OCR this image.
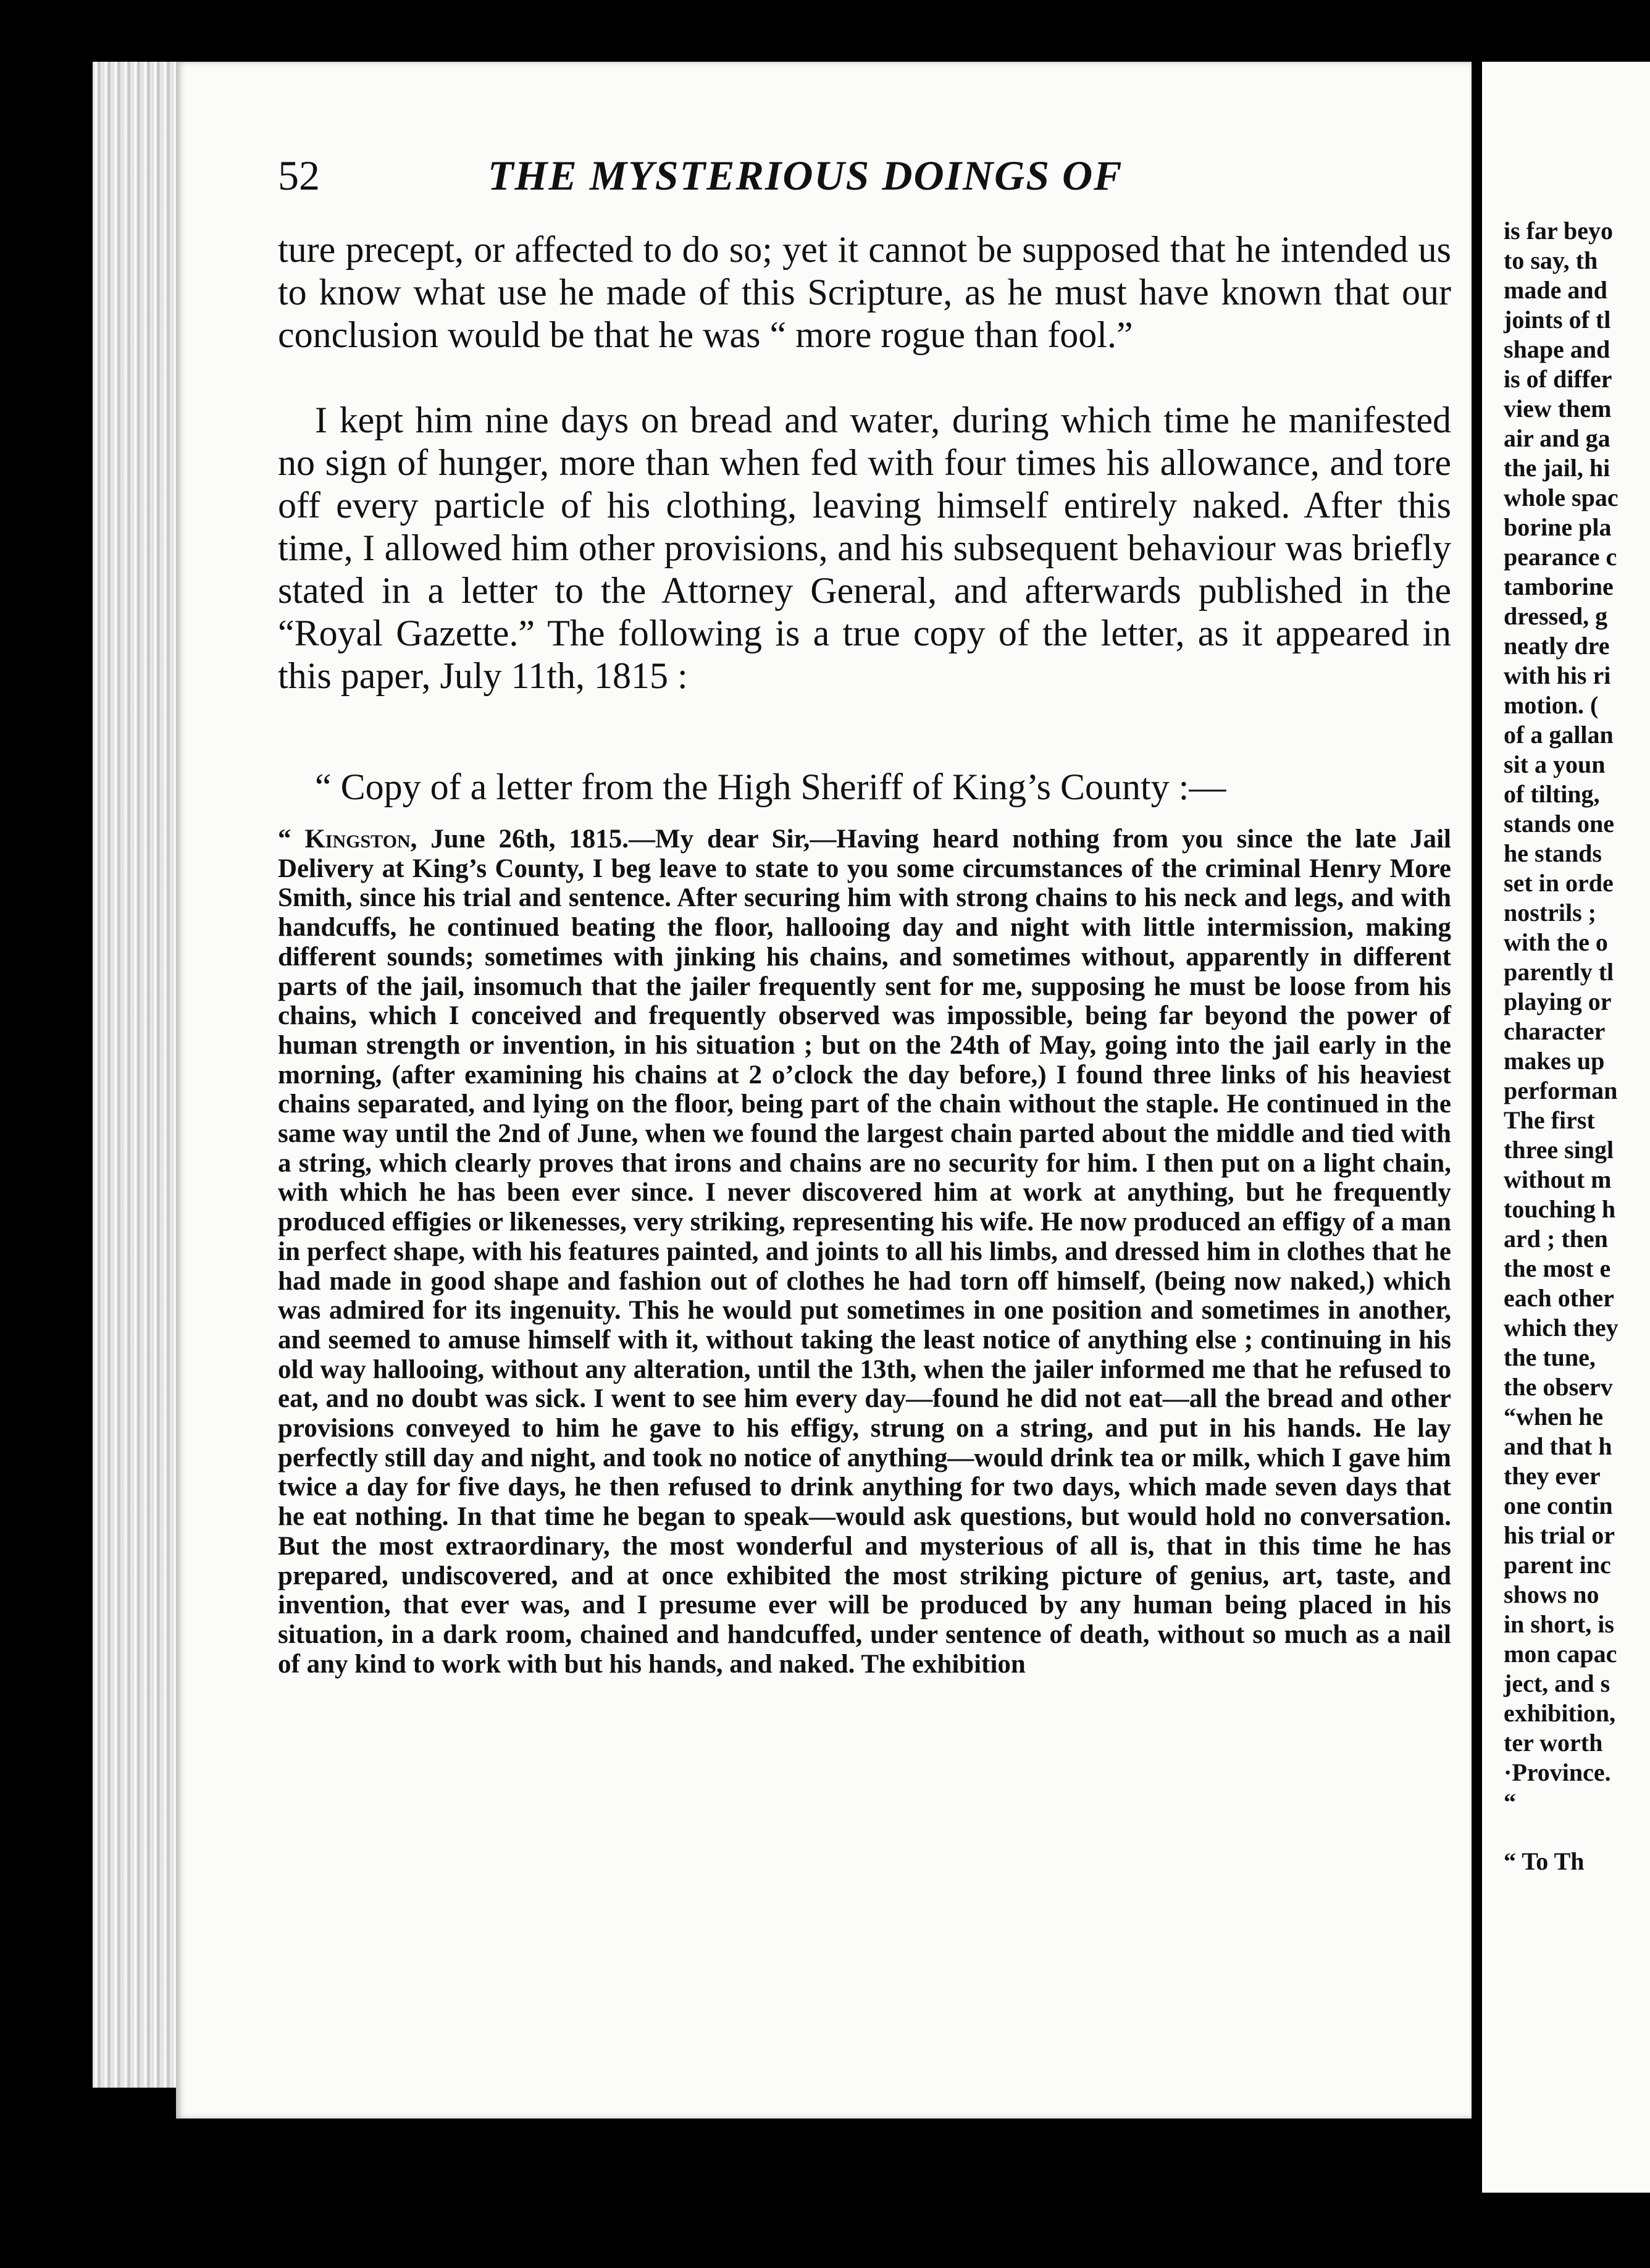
52	THE MYSTERIOUS DOINGS OF

ture precept, or affected to do so; yet it cannot be supposed that he intended us to know what use he made of this Scripture, as he must have known that our conclusion would be that he was “ more rogue than fool.”

I kept him nine days on bread and water, during which time he manifested no sign of hunger, more than when fed with four times his allowance, and tore off every particle of his clothing, leaving himself entirely naked. After this time, I allowed him other provisions, and his subsequent behaviour was briefly stated in a letter to the Attorney General, and afterwards published in the “Royal Gazette.” The following is a true copy of the letter, as it appeared in this paper, July 11th, 1815 :

“ Copy of a letter from the High Sheriff of King’s County :—

“ Kingston, June 26th, 1815.—My dear Sir,—Having heard nothing from you since the late Jail Delivery at King’s County, I beg leave to state to you some circumstances of the criminal Henry More Smith, since his trial and sentence. After securing him with strong chains to his neck and legs, and with handcuffs, he continued beating the floor, hallooing day and night with little intermission, making different sounds; sometimes with jinking his chains, and sometimes without, apparently in different parts of the jail, insomuch that the jailer frequently sent for me, supposing he must be loose from his chains, which I conceived and frequently observed was impossible, being far beyond the power of human strength or invention, in his situation ; but on the 24th of May, going into the jail early in the morning, (after examining his chains at 2 o’clock the day before,) I found three links of his heaviest chains separated, and lying on the floor, being part of the chain without the staple. He continued in the same way until the 2nd of June, when we found the largest chain parted about the middle and tied with a string, which clearly proves that irons and chains are no security for him. I then put on a light chain, with which he has been ever since. I never discovered him at work at anything, but he frequently produced effigies or likenesses, very striking, representing his wife. He now produced an effigy of a man in perfect shape, with his features painted, and joints to all his limbs, and dressed him in clothes that he had made in good shape and fashion out of clothes he had torn off himself, (being now naked,) which was admired for its ingenuity. This he would put sometimes in one position and sometimes in another, and seemed to amuse himself with it, without taking the least notice of anything else ; continuing in his old way hallooing, without any alteration, until the 13th, when the jailer informed me that he refused to eat, and no doubt was sick. I went to see him every day—found he did not eat—all the bread and other provisions conveyed to him he gave to his effigy, strung on a string, and put in his hands. He lay perfectly still day and night, and took no notice of anything—would drink tea or milk, which I gave him twice a day for five days, he then refused to drink anything for two days, which made seven days that he eat nothing. In that time he began to speak—would ask questions, but would hold no conversation. But the most extraordinary, the most wonderful and mysterious of all is, that in this time he has prepared, undiscovered, and at once exhibited the most striking picture of genius, art, taste, and invention, that ever was, and I presume ever will be produced by any human being placed in his situation, in a dark room, chained and handcuffed, under sentence of death, without so much as a nail of any kind to work with but his hands, and naked. The exhibition

is far beyo
to say, th
made and
joints of tl
shape and
is of differ
view them
air and ga
the jail, hi
whole spac
borine pla
pearance c
tamborine
dressed, g
neatly dre
with his ri
motion. (
of a gallan
sit a youn
of tilting,
stands one
he stands
set in orde
nostrils ;
with the o
parently tl
playing or
character
makes up
performan
The first
three singl
without m
touching h
ard ; then
the most e
each other
which they
the tune,
the observ
“when he
and that h
they ever
one contin
his trial or
parent inc
shows no
in short, is
mon capac
ject, and s
exhibition,
ter worth
·Province.
“
“ To Th
